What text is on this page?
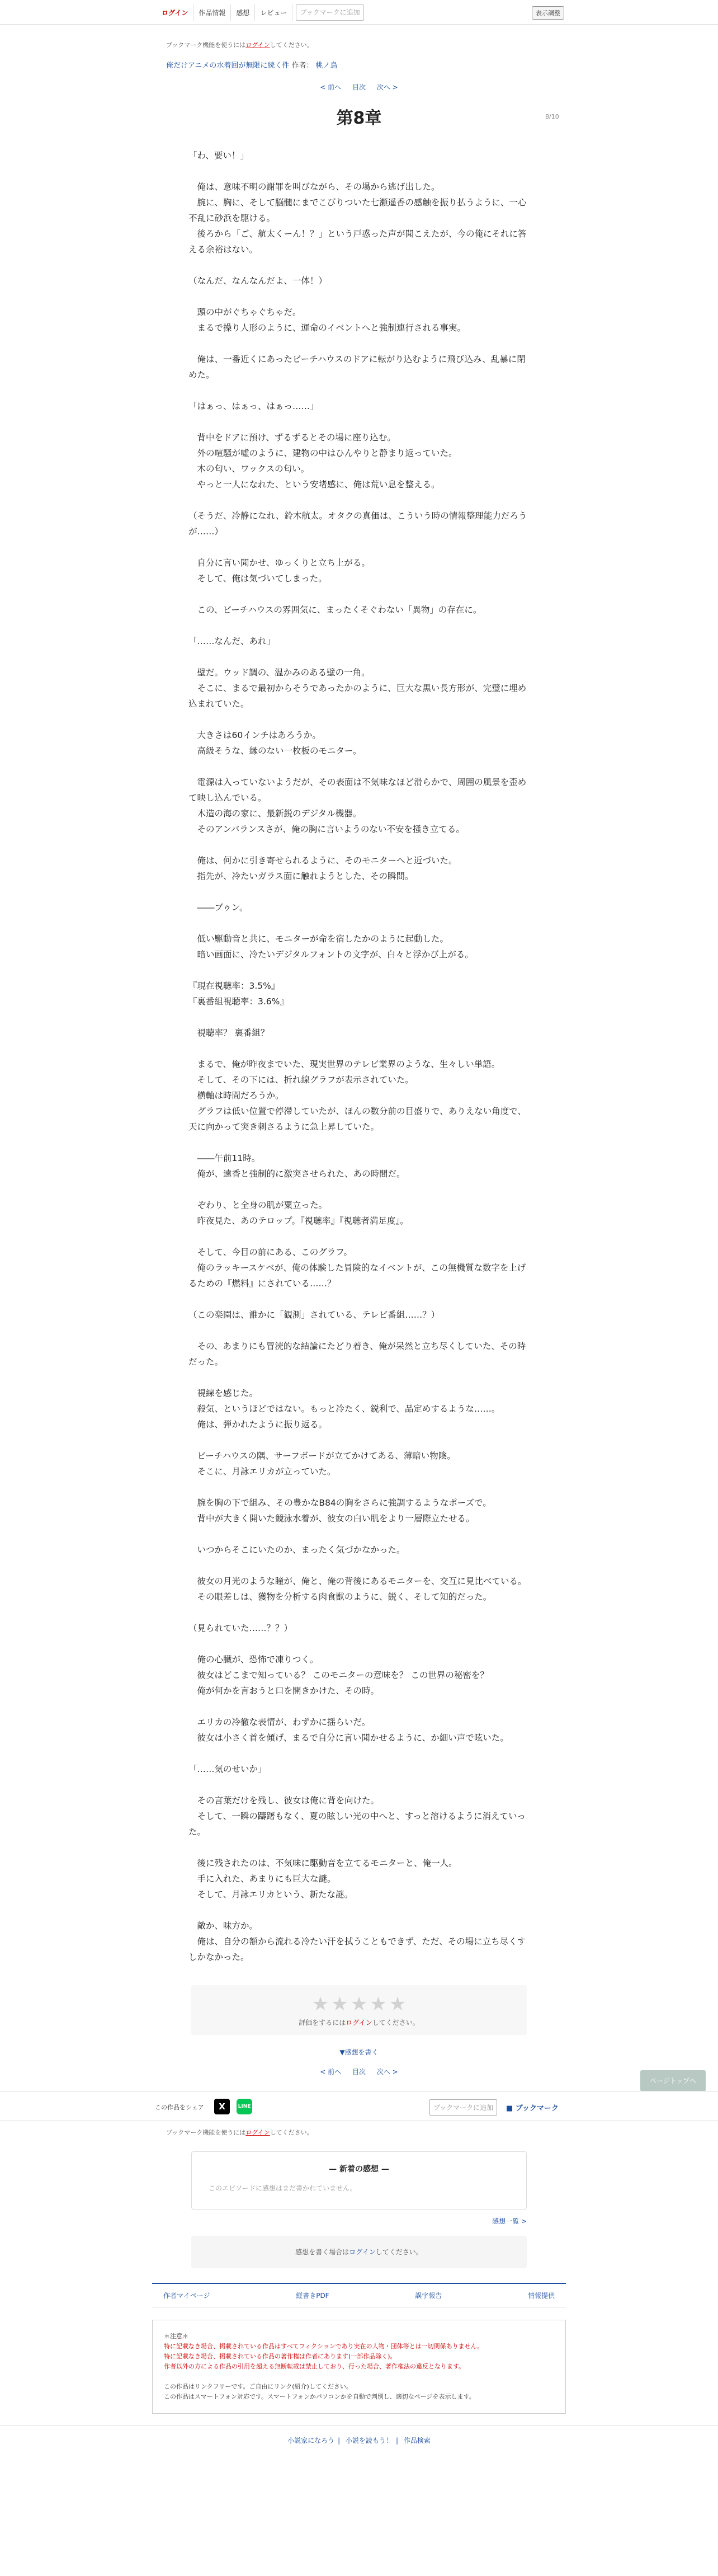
ログイン	作品情報	感想	レビュー	ブックマークに追加	表示調整
ブックマーク機能を使うにはログインしてください。
俺だけアニメの水着回が無限に続く件 作者： 桃ノ鳥
< 前へ 目次 次へ >
8/10
第8章

「わ、要い！」

　俺は、意味不明の謝罪を叫びながら、その場から逃げ出した。

　腕に、胸に、そして脳髄にまでこびりついた七瀬遥香の感触を振り払うように、一心不乱に砂浜を駆ける。

　後ろから「ご、航太くーん！？」という戸惑った声が聞こえたが、今の俺にそれに答える余裕はない。

（なんだ、なんなんだよ、一体！）

　頭の中がぐちゃぐちゃだ。

　まるで操り人形のように、運命のイベントへと強制連行される事実。

　俺は、一番近くにあったビーチハウスのドアに転がり込むように飛び込み、乱暴に閉めた。

「はぁっ、はぁっ、はぁっ……」

　背中をドアに預け、ずるずるとその場に座り込む。

　外の喧騒が嘘のように、建物の中はひんやりと静まり返っていた。

　木の匂い、ワックスの匂い。

　やっと一人になれた、という安堵感に、俺は荒い息を整える。

（そうだ、冷静になれ、鈴木航太。オタクの真価は、こういう時の情報整理能力だろうが……）

　自分に言い聞かせ、ゆっくりと立ち上がる。

　そして、俺は気づいてしまった。

　この、ビーチハウスの雰囲気に、まったくそぐわない「異物」の存在に。

「……なんだ、あれ」

　壁だ。ウッド調の、温かみのある壁の一角。

　そこに、まるで最初からそうであったかのように、巨大な黒い長方形が、完璧に埋め込まれていた。

　大きさは60インチはあろうか。

　高級そうな、縁のない一枚板のモニター。

　電源は入っていないようだが、その表面は不気味なほど滑らかで、周囲の風景を歪めて映し込んでいる。

　木造の海の家に、最新鋭のデジタル機器。

　そのアンバランスさが、俺の胸に言いようのない不安を掻き立てる。

　俺は、何かに引き寄せられるように、そのモニターへと近づいた。

　指先が、冷たいガラス面に触れようとした、その瞬間。

　――ブゥン。

　低い駆動音と共に、モニターが命を宿したかのように起動した。

　暗い画面に、冷たいデジタルフォントの文字が、白々と浮かび上がる。

『現在視聴率：3.5%』

『裏番組視聴率：3.6%』

　視聴率？ 裏番組？

　まるで、俺が昨夜までいた、現実世界のテレビ業界のような、生々しい単語。

　そして、その下には、折れ線グラフが表示されていた。

　横軸は時間だろうか。

　グラフは低い位置で停滞していたが、ほんの数分前の目盛りで、ありえない角度で、天に向かって突き刺さるように急上昇していた。

　――午前11時。

　俺が、遠香と強制的に激突させられた、あの時間だ。

　ぞわり、と全身の肌が粟立った。

　昨夜見た、あのテロップ。『視聴率』『視聴者満足度』。

　そして、今目の前にある、このグラフ。

　俺のラッキースケベが、俺の体験した冒険的なイベントが、この無機質な数字を上げるための『燃料』にされている……？

（この楽園は、誰かに「観測」されている、テレビ番組……？）

　その、あまりにも冒涜的な結論にたどり着き、俺が呆然と立ち尽くしていた、その時だった。

　視線を感じた。

　殺気、というほどではない。もっと冷たく、鋭利で、品定めするような……。

　俺は、弾かれたように振り返る。

　ビーチハウスの隅、サーフボードが立てかけてある、薄暗い物陰。

　そこに、月詠エリカが立っていた。

　腕を胸の下で組み、その豊かなB84の胸をさらに強調するようなポーズで。

　背中が大きく開いた競泳水着が、彼女の白い肌をより一層際立たせる。

　いつからそこにいたのか、まったく気づかなかった。

　彼女の月光のような瞳が、俺と、俺の背後にあるモニターを、交互に見比べている。

　その眼差しは、獲物を分析する肉食獣のように、鋭く、そして知的だった。

（見られていた……？？）

　俺の心臓が、恐怖で凍りつく。

　彼女はどこまで知っている？ このモニターの意味を？ この世界の秘密を？

　俺が何かを言おうと口を開きかけた、その時。

　エリカの冷徹な表情が、わずかに揺らいだ。

　彼女は小さく首を傾げ、まるで自分に言い聞かせるように、か細い声で呟いた。

「……気のせいか」

　その言葉だけを残し、彼女は俺に背を向けた。

　そして、一瞬の躊躇もなく、夏の眩しい光の中へと、すっと溶けるように消えていった。

　後に残されたのは、不気味に駆動音を立てるモニターと、俺一人。

　手に入れた、あまりにも巨大な謎。

　そして、月詠エリカという、新たな謎。

　敵か、味方か。

　俺は、自分の額から流れる冷たい汗を拭うこともできず、ただ、その場に立ち尽くすしかなかった。

ページトップへ
★ ★ ★ ★ ★
評価をするにはログインしてください。
▼感想を書く
< 前へ 目次 次へ >
この作品をシェア	X	LINE	ブックマークに追加	■ ブックマーク
ブックマーク機能を使うにはログインしてください。
— 新着の感想 —
このエピソードに感想はまだ書かれていません。
感想一覧 >
感想を書く場合はログインしてください。
作者マイページ	縦書きPDF	誤字報告	情報提供
＊注意＊
特に記載なき場合、掲載されている作品はすべてフィクションであり実在の人物・団体等とは一切関係ありません。
特に記載なき場合、掲載されている作品の著作権は作者にあります(一部作品除く)。
作者以外の方による作品の引用を超える無断転載は禁止しており、行った場合、著作権法の違反となります。
この作品はリンクフリーです。ご自由にリンク(紹介)してください。
この作品はスマートフォン対応です。スマートフォンかパソコンかを自動で判別し、適切なページを表示します。
小説家になろう | 小説を読もう！ | 作品検索
